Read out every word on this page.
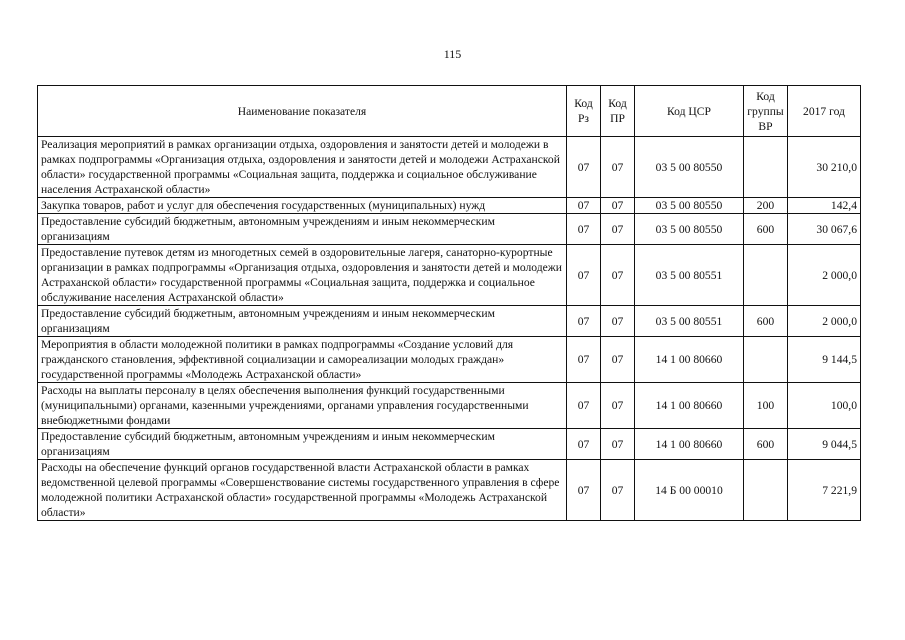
115
Наименование показателя	Код Рз	Код ПР	Код ЦСР	Код группы ВР	2017 год
Реализация мероприятий в рамках организации отдыха, оздоровления и занятости детей и молодежи в рамках подпрограммы «Организация отдыха, оздоровления и занятости детей и молодежи Астраханской области» государственной программы «Социальная защита, поддержка и социальное обслуживание населения Астраханской области»	07	07	03 5 00 80550		30 210,0
Закупка товаров, работ и услуг для обеспечения государственных (муниципальных) нужд	07	07	03 5 00 80550	200	142,4
Предоставление субсидий бюджетным, автономным учреждениям и иным некоммерческим организациям	07	07	03 5 00 80550	600	30 067,6
Предоставление путевок детям из многодетных семей в оздоровительные лагеря, санаторно-курортные организации в рамках подпрограммы «Организация отдыха, оздоровления и занятости детей и молодежи Астраханской области» государственной программы «Социальная защита, поддержка и социальное обслуживание населения Астраханской области»	07	07	03 5 00 80551		2 000,0
Предоставление субсидий бюджетным, автономным учреждениям и иным некоммерческим организациям	07	07	03 5 00 80551	600	2 000,0
Мероприятия в области молодежной политики в рамках подпрограммы «Создание условий для гражданского становления, эффективной социализации и самореализации молодых граждан» государственной программы «Молодежь Астраханской области»	07	07	14 1 00 80660		9 144,5
Расходы на выплаты персоналу в целях обеспечения выполнения функций государственными (муниципальными) органами, казенными учреждениями, органами управления государственными внебюджетными фондами	07	07	14 1 00 80660	100	100,0
Предоставление субсидий бюджетным, автономным учреждениям и иным некоммерческим организациям	07	07	14 1 00 80660	600	9 044,5
Расходы на обеспечение функций органов государственной власти Астраханской области в рамках ведомственной целевой программы «Совершенствование системы государственного управления в сфере молодежной политики Астраханской области» государственной программы «Молодежь Астраханской области»	07	07	14 Б 00 00010		7 221,9
